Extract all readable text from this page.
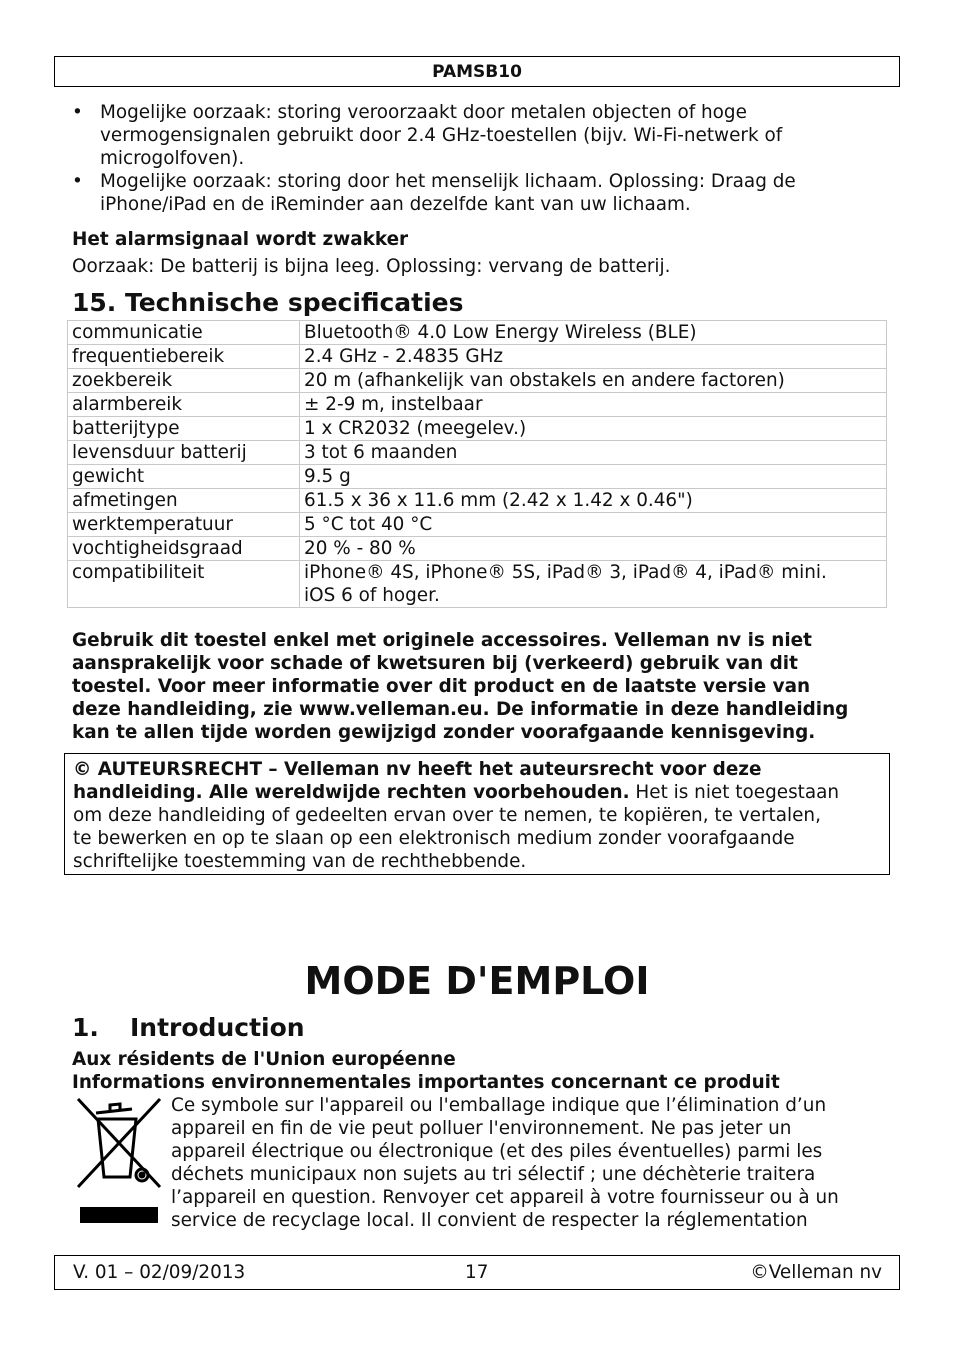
PAMSB10
• Mogelijke oorzaak: storing veroorzaakt door metalen objecten of hoge vermogensignalen gebruikt door 2.4 GHz-toestellen (bijv. Wi-Fi-netwerk of microgolfoven).
• Mogelijke oorzaak: storing door het menselijk lichaam. Oplossing: Draag de iPhone/iPad en de iReminder aan dezelfde kant van uw lichaam.
Het alarmsignaal wordt zwakker
Oorzaak: De batterij is bijna leeg. Oplossing: vervang de batterij.
15. Technische specificaties
communicatie	Bluetooth® 4.0 Low Energy Wireless (BLE)
frequentiebereik	2.4 GHz - 2.4835 GHz
zoekbereik	20 m (afhankelijk van obstakels en andere factoren)
alarmbereik	± 2-9 m, instelbaar
batterijtype	1 x CR2032 (meegelev.)
levensduur batterij	3 tot 6 maanden
gewicht	9.5 g
afmetingen	61.5 x 36 x 11.6 mm (2.42 x 1.42 x 0.46")
werktemperatuur	5 °C tot 40 °C
vochtigheidsgraad	20 % - 80 %
compatibiliteit	iPhone® 4S, iPhone® 5S, iPad® 3, iPad® 4, iPad® mini.
iOS 6 of hoger.
Gebruik dit toestel enkel met originele accessoires. Velleman nv is niet
aansprakelijk voor schade of kwetsuren bij (verkeerd) gebruik van dit
toestel. Voor meer informatie over dit product en de laatste versie van
deze handleiding, zie www.velleman.eu. De informatie in deze handleiding
kan te allen tijde worden gewijzigd zonder voorafgaande kennisgeving.
© AUTEURSRECHT – Velleman nv heeft het auteursrecht voor deze
handleiding. Alle wereldwijde rechten voorbehouden. Het is niet toegestaan
om deze handleiding of gedeelten ervan over te nemen, te kopiëren, te vertalen,
te bewerken en op te slaan op een elektronisch medium zonder voorafgaande
schriftelijke toestemming van de rechthebbende.
MODE D'EMPLOI
1. Introduction
Aux résidents de l'Union européenne
Informations environnementales importantes concernant ce produit
Ce symbole sur l'appareil ou l'emballage indique que l’élimination d’un
appareil en fin de vie peut polluer l'environnement. Ne pas jeter un
appareil électrique ou électronique (et des piles éventuelles) parmi les
déchets municipaux non sujets au tri sélectif ; une déchèterie traitera
l’appareil en question. Renvoyer cet appareil à votre fournisseur ou à un
service de recyclage local. Il convient de respecter la réglementation
V. 01 – 02/09/2013	17	©Velleman nv
